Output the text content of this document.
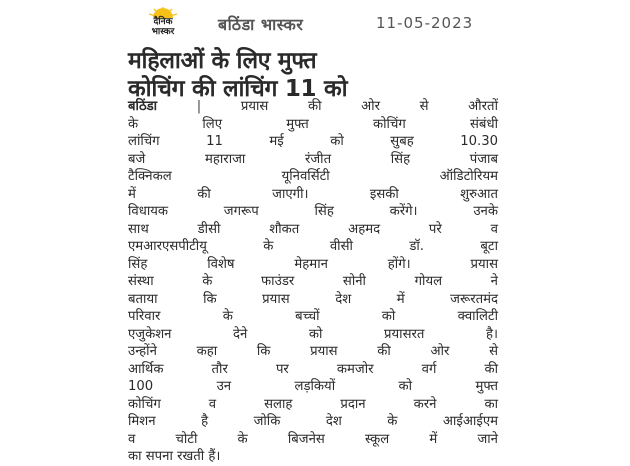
दैनिक
भास्कर	बठिंडा भास्कर	11-05-2023
महिलाओं के लिए मुफ्त
कोचिंग की लांचिंग 11 को
बठिंडा	|	प्रयास की ओर से औरतों
के लिए मुफ्त कोचिंग संबंधी
लांचिंग 11 मई को सुबह 10.30
बजे महाराजा रंजीत सिंह पंजाब
टैक्निकल यूनिवर्सिटी ऑडिटोरियम
में की जाएगी। इसकी शुरुआत
विधायक जगरूप सिंह करेंगे। उनके
साथ डीसी शौकत अहमद परे व
एमआरएसपीटीयू के वीसी डॉ. बूटा
सिंह विशेष मेहमान होंगे। प्रयास
संस्था के फाउंडर सोनी गोयल ने
बताया कि प्रयास देश में जरूरतमंद
परिवार के बच्चों को क्वालिटी
एजुकेशन देने को प्रयासरत है।
उन्होंने कहा कि प्रयास की ओर से
आर्थिक तौर पर कमजोर वर्ग की
100 उन लड़कियों को मुफ्त
कोचिंग व सलाह प्रदान करने का
मिशन है जोकि देश के आईआईएम
व चोटी के बिजनेस स्कूल में जाने
का सपना रखती हैं।
